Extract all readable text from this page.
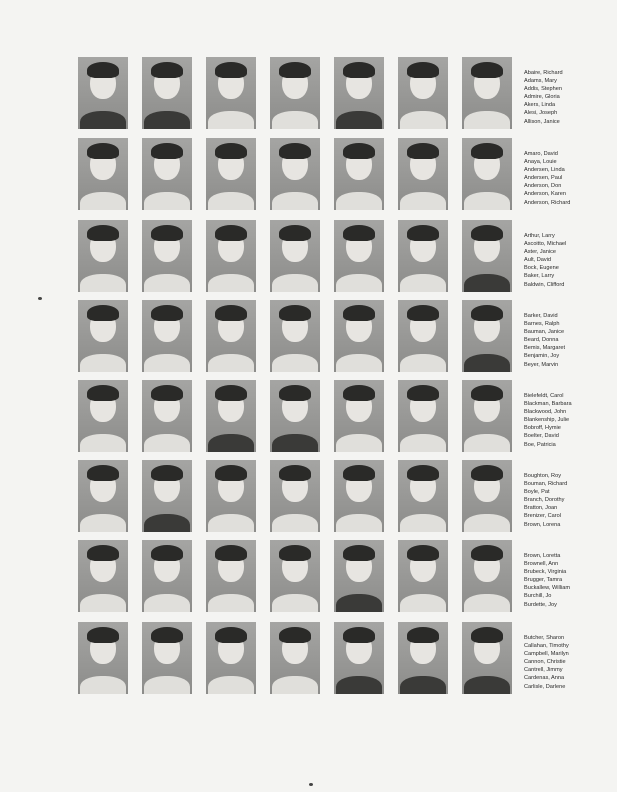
Abaire, Richard
Adams, Mary
Addis, Stephen
Admire, Gloria
Akers, Linda
Alesi, Joseph
Allison, Janice
Amaro, David
Anaya, Louie
Andersen, Linda
Andersen, Paul
Anderson, Don
Anderson, Karen
Anderson, Richard
Arthur, Larry
Ascoitto, Michael
Aster, Janice
Ault, David
Bock, Eugene
Baker, Larry
Baldwin, Clifford
Barker, David
Barnes, Ralph
Bauman, Janice
Beard, Donna
Bemis, Margaret
Benjamin, Joy
Beyer, Marvin
Bielefeldt, Carol
Blackman, Barbara
Blackwood, John
Blankenship, Julie
Bobroff, Hymie
Boelter, David
Boe, Patricia
Boughton, Roy
Bouman, Richard
Boyle, Pat
Branch, Dorothy
Bratton, Joan
Brenizer, Carol
Brown, Lorena
Brown, Loretta
Brownell, Ann
Brubeck, Virginia
Brugger, Tamra
Buckallew, William
Burchill, Jo
Burdette, Joy
Butcher, Sharon
Callahan, Timothy
Campbell, Marilyn
Cannon, Christie
Cantrell, Jimmy
Cardenas, Anna
Carlisle, Darlene
